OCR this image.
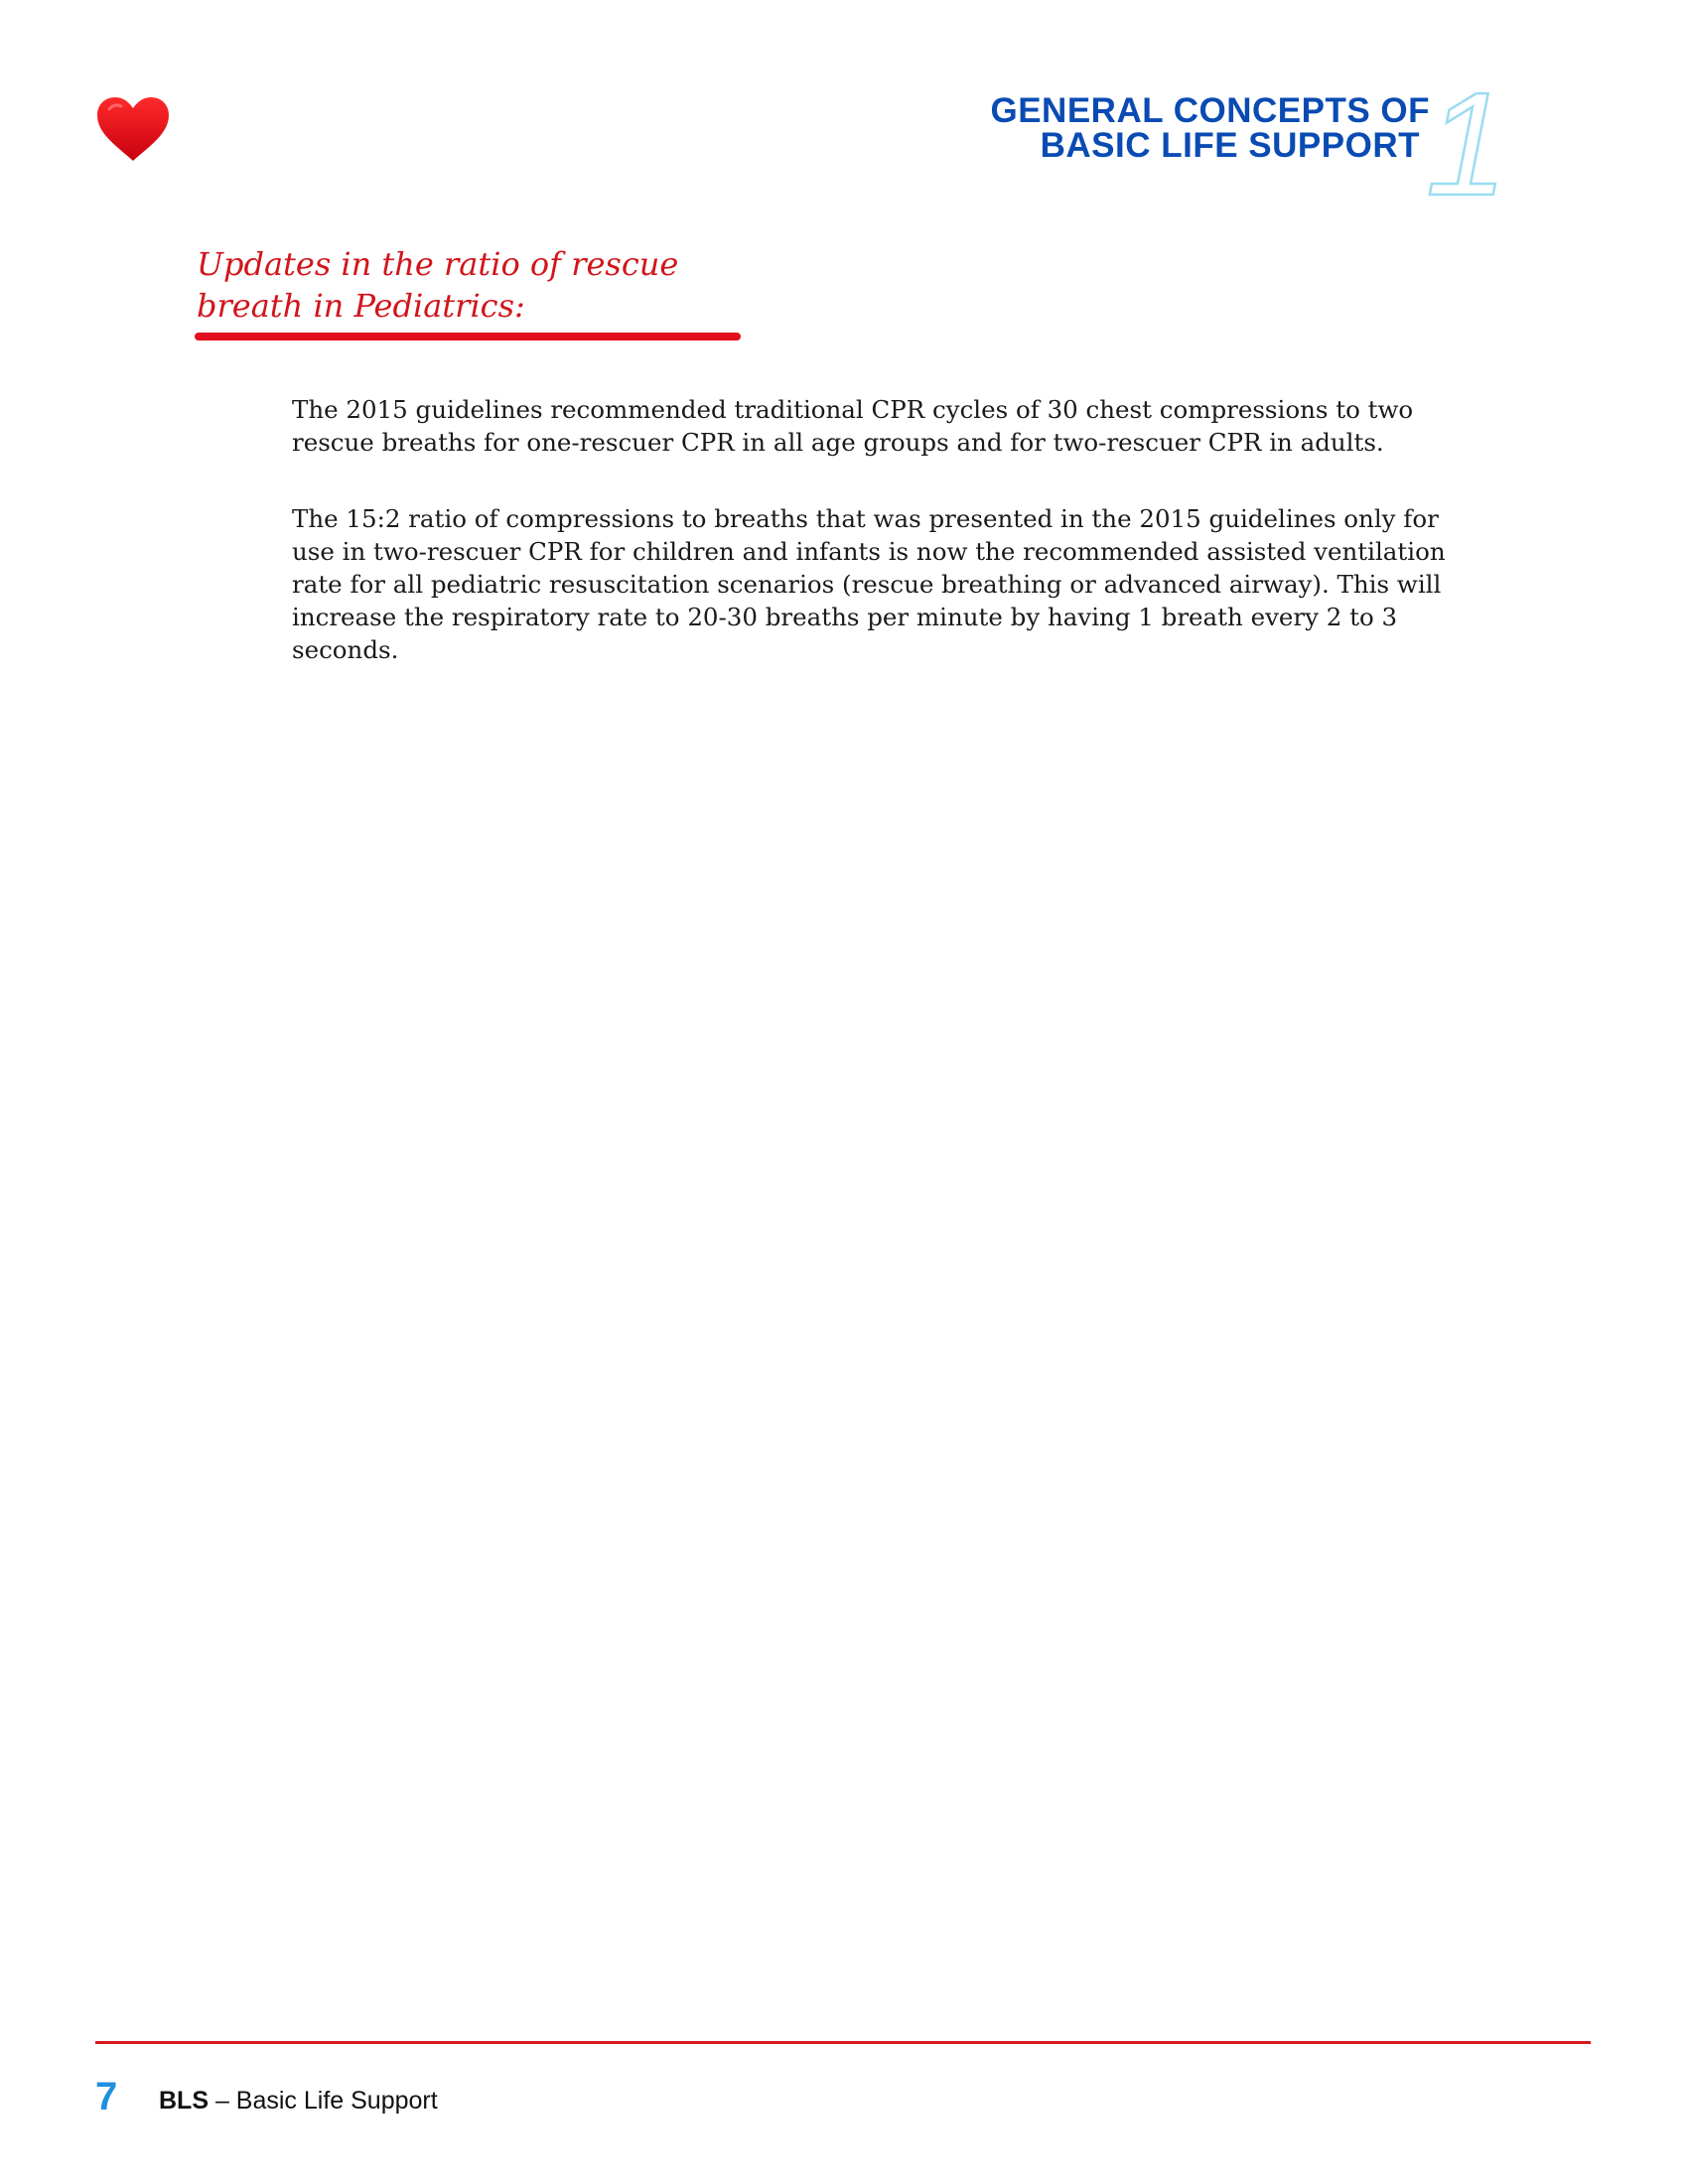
GENERAL CONCEPTS OF
BASIC LIFE SUPPORT 1
Updates in the ratio of rescue
breath in Pediatrics:

The 2015 guidelines recommended traditional CPR cycles of 30 chest compressions to two rescue breaths for one-rescuer CPR in all age groups and for two-rescuer CPR in adults.

The 15:2 ratio of compressions to breaths that was presented in the 2015 guidelines only for use in two-rescuer CPR for children and infants is now the recommended assisted ventilation rate for all pediatric resuscitation scenarios (rescue breathing or advanced airway). This will increase the respiratory rate to 20-30 breaths per minute by having 1 breath every 2 to 3 seconds.

7 BLS – Basic Life Support
